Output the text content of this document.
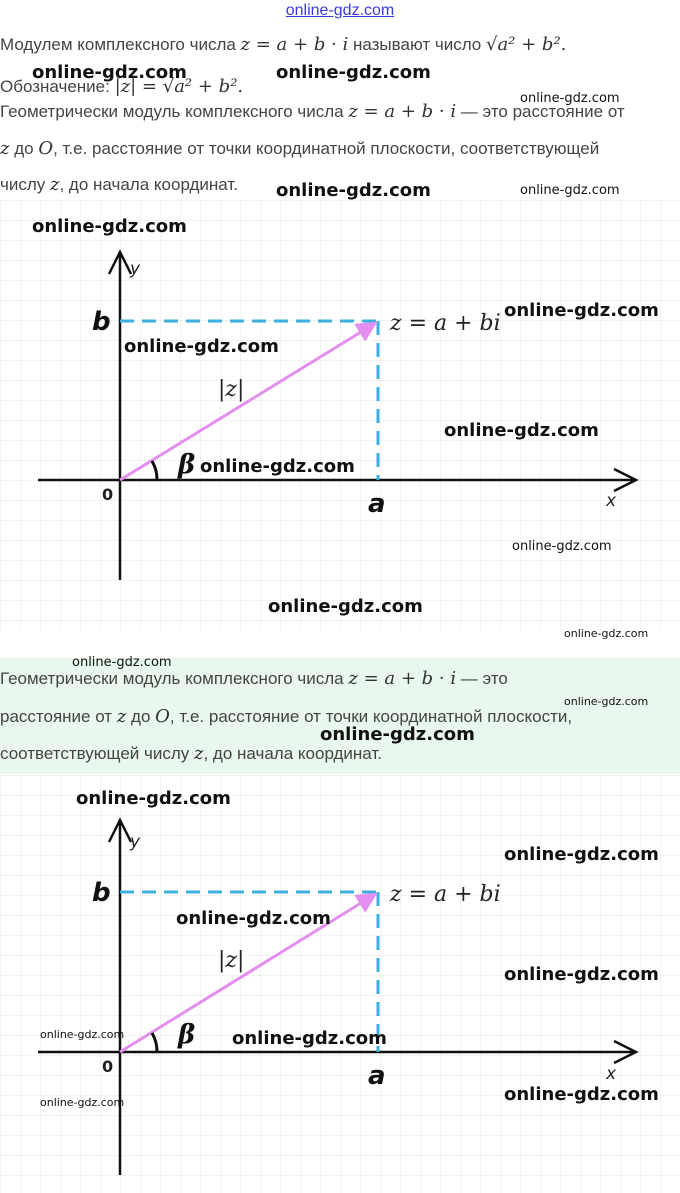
online-gdz.com
Модулем комплексного числа z = a + b · i называют число √a² + b².
Обозначение: |z| = √a² + b².
Геометрически модуль комплексного числа z = a + b · i — это расстояние от
z до O, т.е. расстояние от точки координатной плоскости, соответствующей
числу z, до начала координат.
b
y
x
0	a
z = a + bi
|z|
β
Геометрически модуль комплексного числа z = a + b · i — это
расстояние от z до O, т.е. расстояние от точки координатной плоскости,
соответствующей числу z, до начала координат.
b
y
x
0	a
z = a + bi
|z|
β
online-gdz.com	online-gdz.com
online-gdz.com
online-gdz.com	online-gdz.com
online-gdz.com
online-gdz.com
online-gdz.com
online-gdz.com
online-gdz.com
online-gdz.com
online-gdz.com
online-gdz.com
online-gdz.com
online-gdz.com
online-gdz.com
online-gdz.com
online-gdz.com
online-gdz.com
online-gdz.com
online-gdz.com	online-gdz.com
online-gdz.com
online-gdz.com
